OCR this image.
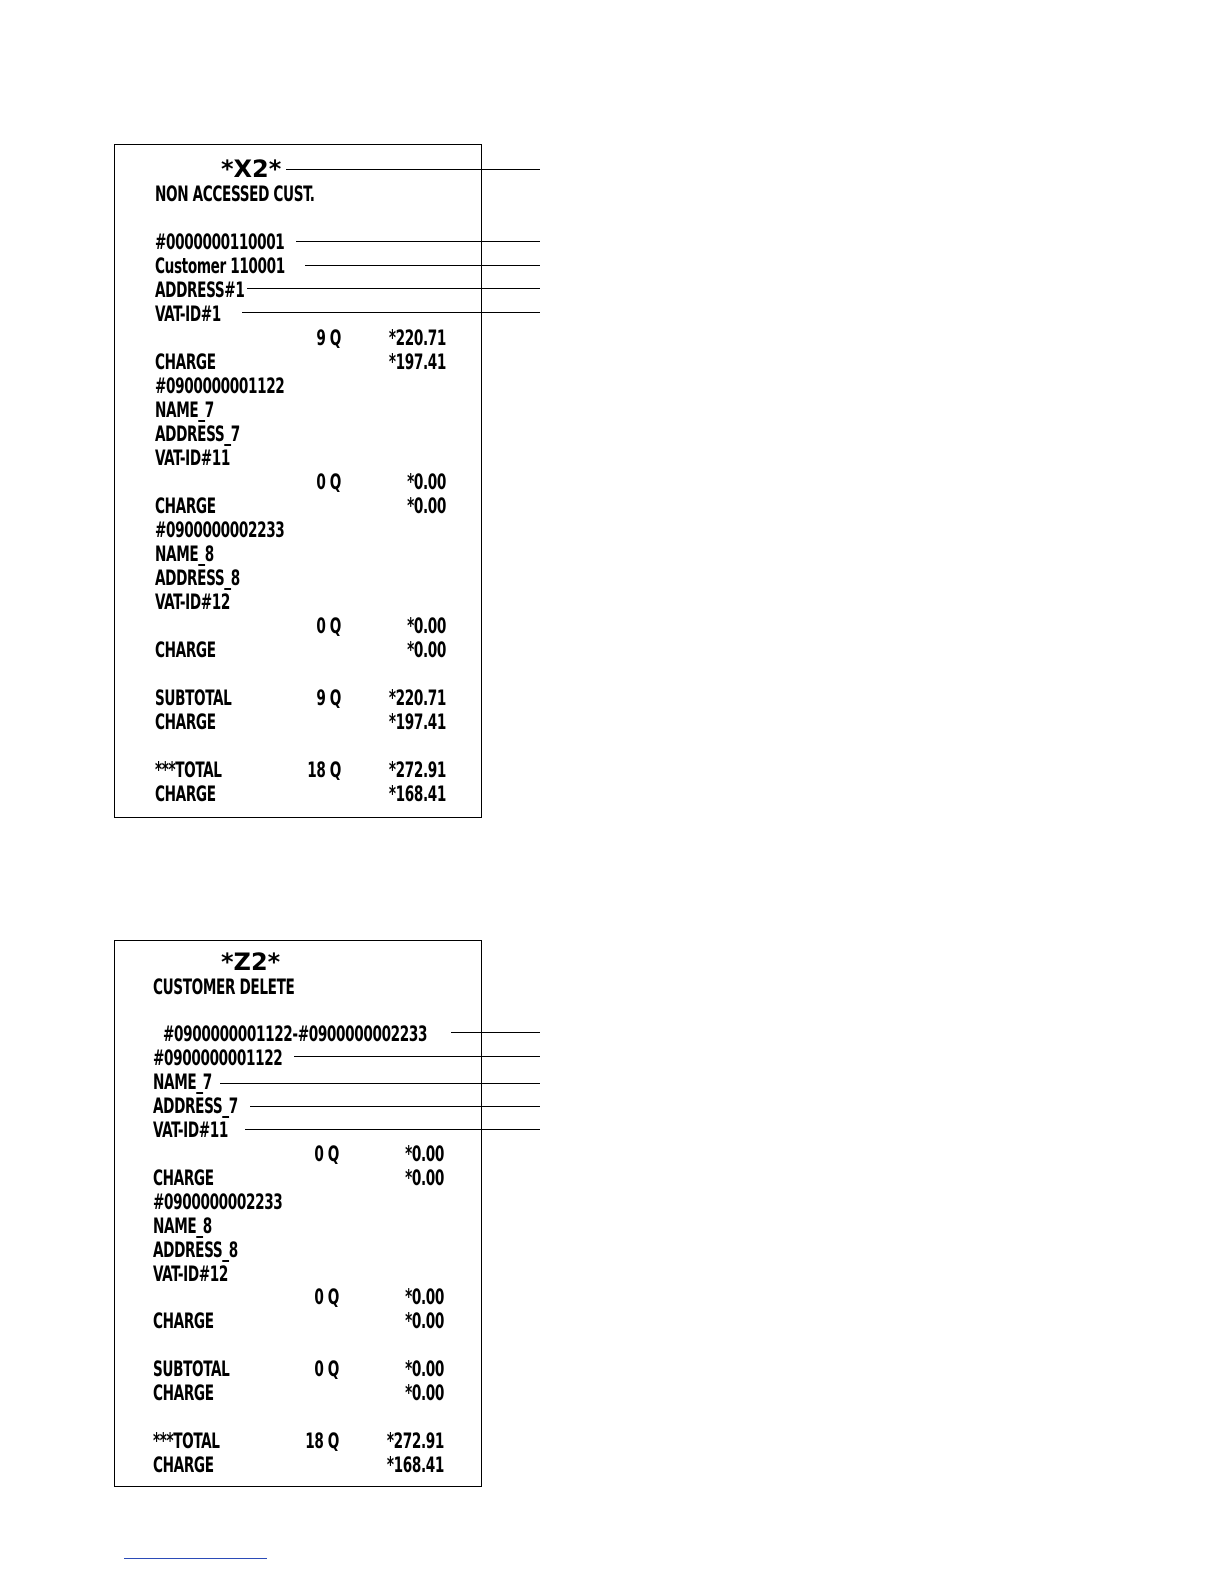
*X2*
NON ACCESSED CUST.
#0000000110001
Customer 110001
ADDRESS#1
VAT-ID#1
9 Q	*220.71
CHARGE	*197.41
#0900000001122
NAME_7
ADDRESS_7
VAT-ID#11
0 Q	*0.00
CHARGE	*0.00
#0900000002233
NAME_8
ADDRESS_8
VAT-ID#12
0 Q	*0.00
CHARGE	*0.00
SUBTOTAL	9 Q	*220.71
CHARGE	*197.41
***TOTAL	18 Q	*272.91
CHARGE	*168.41
*Z2*
CUSTOMER DELETE
#0900000001122-#0900000002233
#0900000001122
NAME_7
ADDRESS_7
VAT-ID#11
0 Q	*0.00
CHARGE	*0.00
#0900000002233
NAME_8
ADDRESS_8
VAT-ID#12
0 Q	*0.00
CHARGE	*0.00
SUBTOTAL	0 Q	*0.00
CHARGE	*0.00
***TOTAL	18 Q	*272.91
CHARGE	*168.41
